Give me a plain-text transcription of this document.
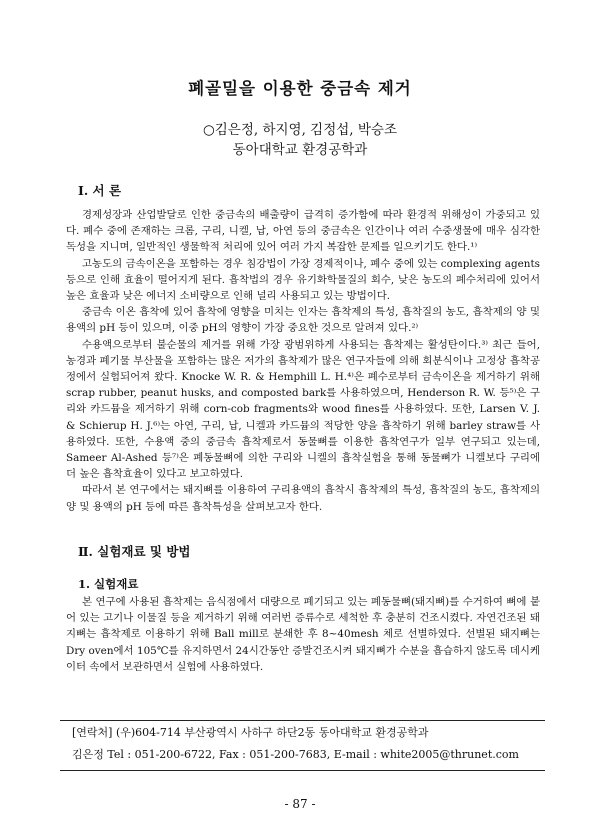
폐골밀을 이용한 중금속 제거
○김은정, 하지영, 김정섭, 박승조
동아대학교 환경공학과
Ⅰ. 서 론

경제성장과 산업발달로 인한 중금속의 배출량이 급격히 증가함에 따라 환경적 위해성이 가중되고 있다. 폐수 중에 존재하는 크롬, 구리, 니켈, 납, 아연 등의 중금속은 인간이나 여러 수중생물에 매우 심각한 독성을 지니며, 일반적인 생물학적 처리에 있어 여러 가지 복잡한 문제를 일으키기도 한다.¹⁾

고농도의 금속이온을 포함하는 경우 침강법이 가장 경제적이나, 폐수 중에 있는 complexing agents 등으로 인해 효율이 떨어지게 된다. 흡착법의 경우 유기화학물질의 회수, 낮은 농도의 폐수처리에 있어서 높은 효율과 낮은 에너지 소비량으로 인해 널리 사용되고 있는 방법이다.

중금속 이온 흡착에 있어 흡착에 영향을 미치는 인자는 흡착제의 특성, 흡착질의 농도, 흡착제의 양 및 용액의 pH 등이 있으며, 이중 pH의 영향이 가장 중요한 것으로 알려져 있다.²⁾

수용액으로부터 불순물의 제거를 위해 가장 광범위하게 사용되는 흡착제는 활성탄이다.³⁾ 최근 들어, 농경과 폐기물 부산물을 포함하는 많은 저가의 흡착제가 많은 연구자들에 의해 회분식이나 고정상 흡착공정에서 실험되어져 왔다. Knocke W. R. & Hemphill L. H.⁴⁾은 폐수로부터 금속이온을 제거하기 위해 scrap rubber, peanut husks, and composted bark를 사용하였으며, Henderson R. W. 등⁵⁾은 구리와 카드뮴을 제거하기 위해 corn-cob fragments와 wood fines를 사용하였다. 또한, Larsen V. J. & Schierup H. J.⁶⁾는 아연, 구리, 납, 니켈과 카드뮴의 적당한 양을 흡착하기 위해 barley straw를 사용하였다. 또한, 수용액 중의 중금속 흡착제로서 동물뼈를 이용한 흡착연구가 일부 연구되고 있는데, Sameer Al-Ashed 등⁷⁾은 폐동물뼈에 의한 구리와 니켈의 흡착실험을 통해 동물뼈가 니켈보다 구리에 더 높은 흡착효율이 있다고 보고하였다.

따라서 본 연구에서는 돼지뼈를 이용하여 구리용액의 흡착시 흡착제의 특성, 흡착질의 농도, 흡착제의 양 및 용액의 pH 등에 따른 흡착특성을 살펴보고자 한다.

Ⅱ. 실험재료 및 방법
1. 실험재료

본 연구에 사용된 흡착제는 음식점에서 대량으로 폐기되고 있는 폐동물뼈(돼지뼈)를 수거하여 뼈에 붙어 있는 고기나 이물질 등을 제거하기 위해 여러번 증류수로 세척한 후 충분히 건조시켰다. 자연건조된 돼지뼈는 흡착제로 이용하기 위해 Ball mill로 분쇄한 후 8~40mesh 체로 선별하였다. 선별된 돼지뼈는 Dry oven에서 105℃를 유지하면서 24시간동안 증발건조시켜 돼지뼈가 수분을 흡습하지 않도록 데시케이터 속에서 보관하면서 실험에 사용하였다.

[연락처] (우)604-714 부산광역시 사하구 하단2동 동아대학교 환경공학과
김은정 Tel : 051-200-6722, Fax : 051-200-7683, E-mail : white2005@thrunet.com
- 87 -
